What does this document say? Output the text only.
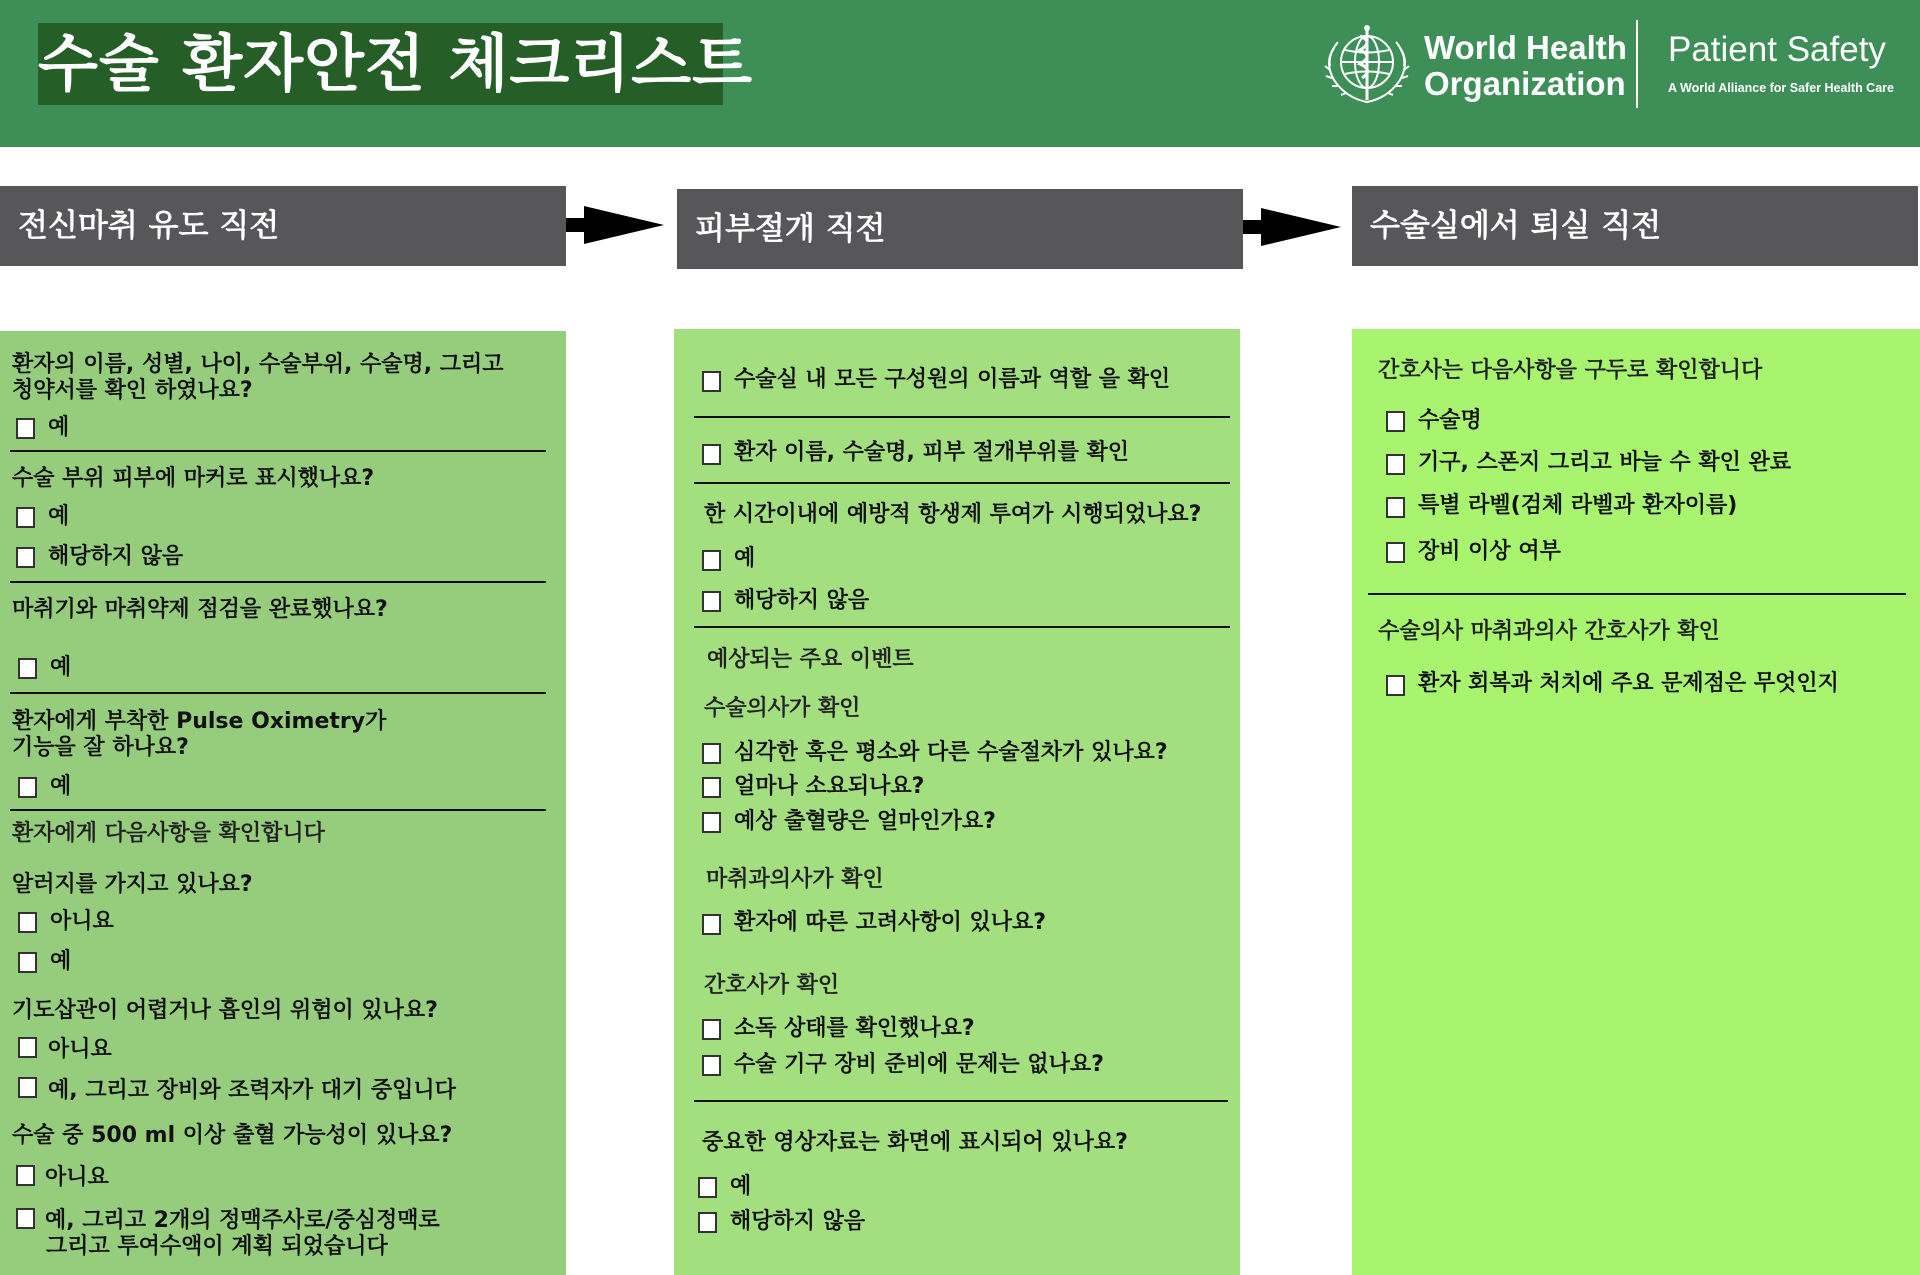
수술 환자안전 체크리스트	World Health
Organization
Patient Safety
A World Alliance for Safer Health Care
전신마취 유도 직전	피부절개 직전	수술실에서 퇴실 직전
환자의 이름, 성별, 나이, 수술부위, 수술명, 그리고
청약서를 확인 하였나요?
예
수술 부위 피부에 마커로 표시했나요?
예
해당하지 않음
마취기와 마취약제 점검을 완료했나요?
예
환자에게 부착한 Pulse Oximetry가
기능을 잘 하나요?
예
환자에게 다음사항을 확인합니다
알러지를 가지고 있나요?
아니요
예
기도삽관이 어렵거나 흡인의 위험이 있나요?
아니요
예, 그리고 장비와 조력자가 대기 중입니다
수술 중 500 ml 이상 출혈 가능성이 있나요?
아니요
예, 그리고 2개의 정맥주사로/중심정맥로
그리고 투여수액이 계획 되었습니다
수술실 내 모든 구성원의 이름과 역할 을 확인
환자 이름, 수술명, 피부 절개부위를 확인
한 시간이내에 예방적 항생제 투여가 시행되었나요?
예
해당하지 않음
예상되는 주요 이벤트
수술의사가 확인
심각한 혹은 평소와 다른 수술절차가 있나요?
얼마나 소요되나요?
예상 출혈량은 얼마인가요?
마취과의사가 확인
환자에 따른 고려사항이 있나요?
간호사가 확인
소독 상태를 확인했나요?
수술 기구 장비 준비에 문제는 없나요?
중요한 영상자료는 화면에 표시되어 있나요?
예
해당하지 않음
간호사는 다음사항을 구두로 확인합니다
수술명
기구, 스폰지 그리고 바늘 수 확인 완료
특별 라벨(검체 라벨과 환자이름)
장비 이상 여부
수술의사 마취과의사 간호사가 확인
환자 회복과 처치에 주요 문제점은 무엇인지
